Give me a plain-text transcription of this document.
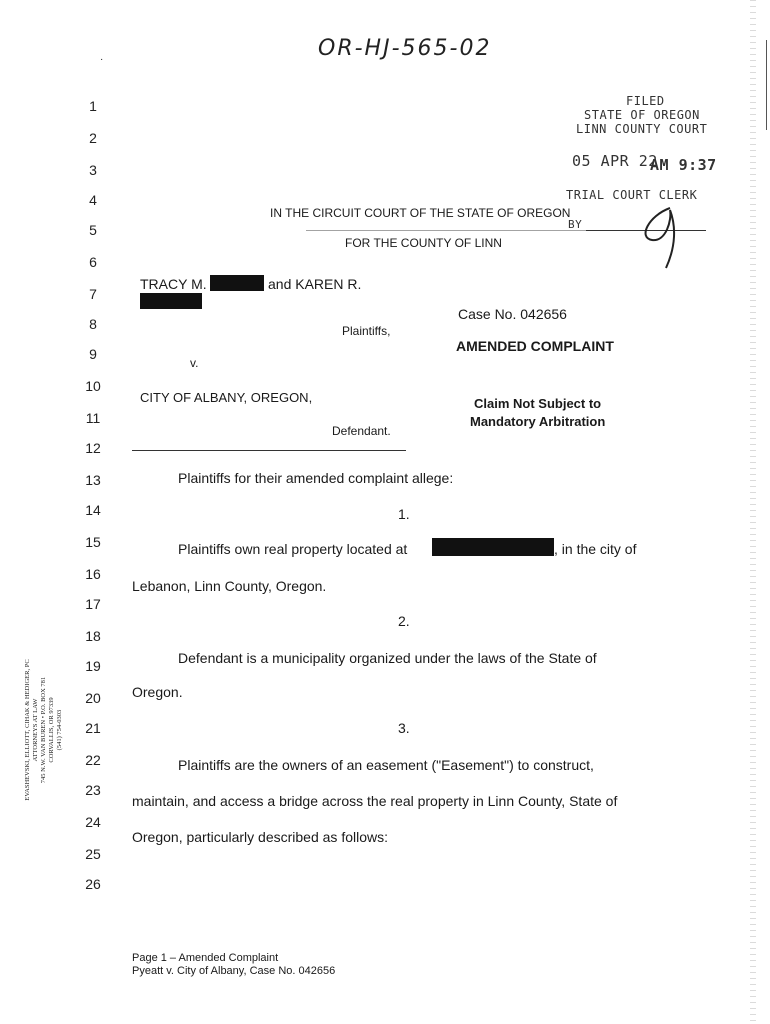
OR-HJ-565-02
·
FILED
STATE OF OREGON
LINN COUNTY COURT
05 APR 22
AM 9:37
TRIAL COURT CLERK
BY
1
2
3
4
5
6
7
8
9
10
11
12
13
14
15
16
17
18
19
20
21
22
23
24
25
26
IN THE CIRCUIT COURT OF THE STATE OF OREGON
FOR THE COUNTY OF LINN
TRACY M.	and KAREN R.
Case No. 042656
Plaintiffs,
AMENDED COMPLAINT
v.
CITY OF ALBANY, OREGON,	Claim Not Subject to
Defendant.
Mandatory Arbitration
Plaintiffs for their amended complaint allege:
1.
Plaintiffs own real property located at	, in the city of
Lebanon, Linn County, Oregon.
2.
Defendant is a municipality organized under the laws of the State of
Oregon.
3.
Plaintiffs are the owners of an easement ("Easement") to construct,
maintain, and access a bridge across the real property in Linn County, State of
Oregon, particularly described as follows:
EVASHEVSKI, ELLIOTT, CIHAK & HEDIGER, PC ATTORNEYS AT LAW 745 N.W. VAN BUREN • P.O. BOX 781 CORVALLIS, OR 97339 (541) 754-0303
Page 1 – Amended Complaint
Pyeatt v. City of Albany, Case No. 042656
